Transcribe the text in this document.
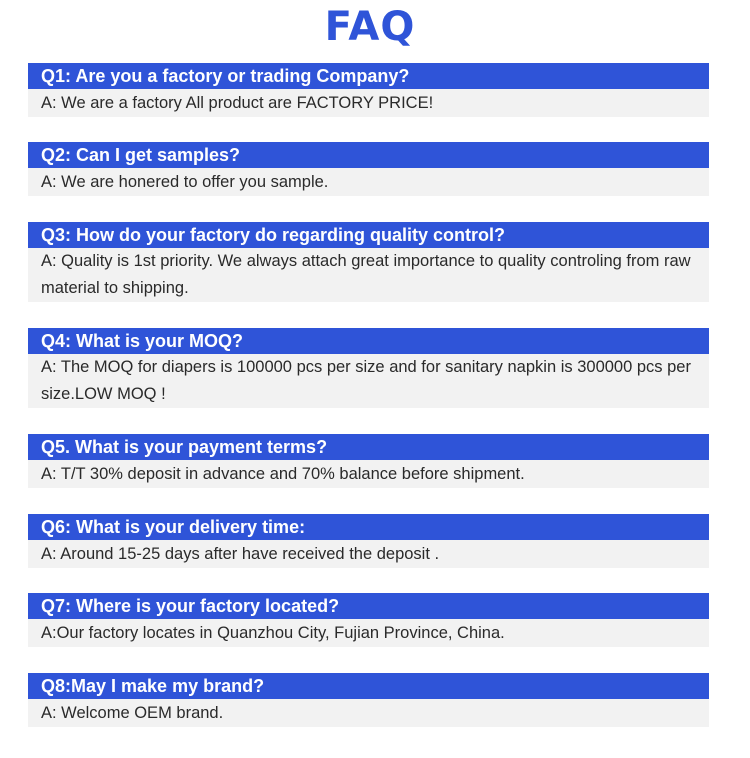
FAQ
Q1: Are you a factory or trading Company?
A: We are a factory All product are FACTORY PRICE!
Q2: Can I get samples?
A: We are honered to offer you sample.
Q3: How do your factory do regarding quality control?
A: Quality is 1st priority. We always attach great importance to quality controling from raw material to shipping.
Q4: What is your MOQ?
A: The MOQ for diapers is 100000 pcs per size and for sanitary napkin is 300000 pcs per size.LOW MOQ !
Q5. What is your payment terms?
A: T/T 30% deposit in advance and 70% balance before shipment.
Q6: What is your delivery time:
A: Around 15-25 days after have received the deposit .
Q7: Where is your factory located?
A:Our factory locates in Quanzhou City, Fujian Province, China.
Q8:May I make my brand?
A: Welcome OEM brand.
